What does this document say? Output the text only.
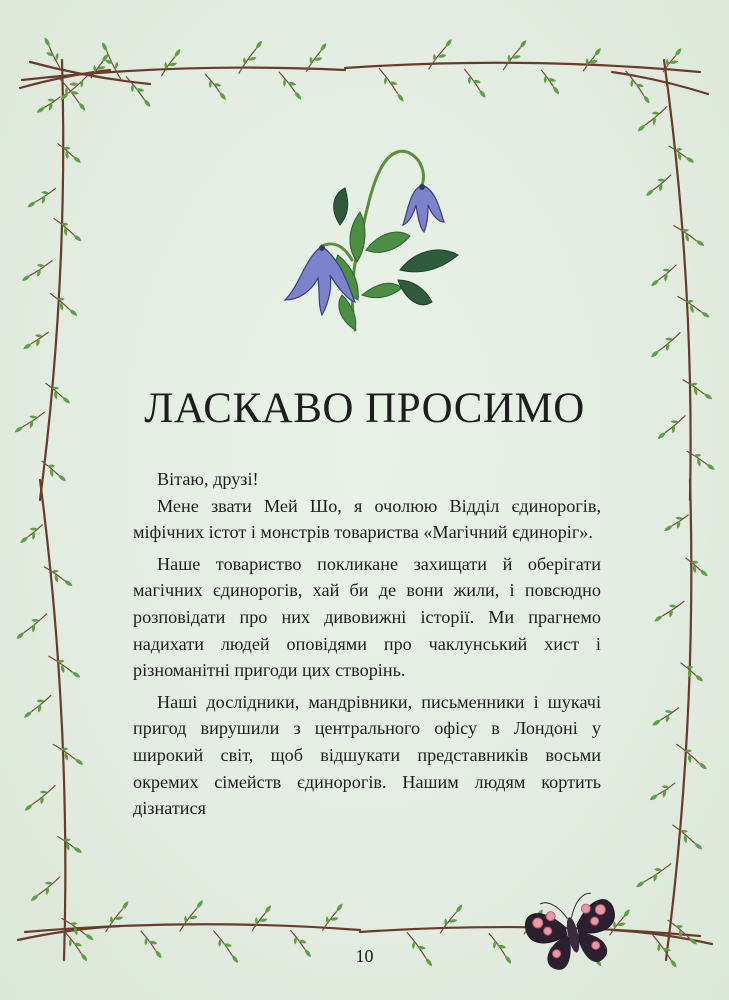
ЛАСКАВО ПРОСИМО

Вітаю, друзі!

Мене звати Мей Шо, я очолюю Відділ єдинорогів, міфічних істот і монстрів товариства «Магічний єдиноріг».

Наше товариство покликане захищати й оберігати магічних єдинорогів, хай би де вони жили, і повсюдно розповідати про них дивовижні історії. Ми прагнемо надихати людей оповідями про чаклунський хист і різноманітні пригоди цих створінь.

Наші дослідники, мандрівники, письменники і шукачі пригод вирушили з центрального офісу в Лондоні у широкий світ, щоб відшукати представників восьми окремих сімейств єдинорогів. Нашим людям кортить дізнатися

10
